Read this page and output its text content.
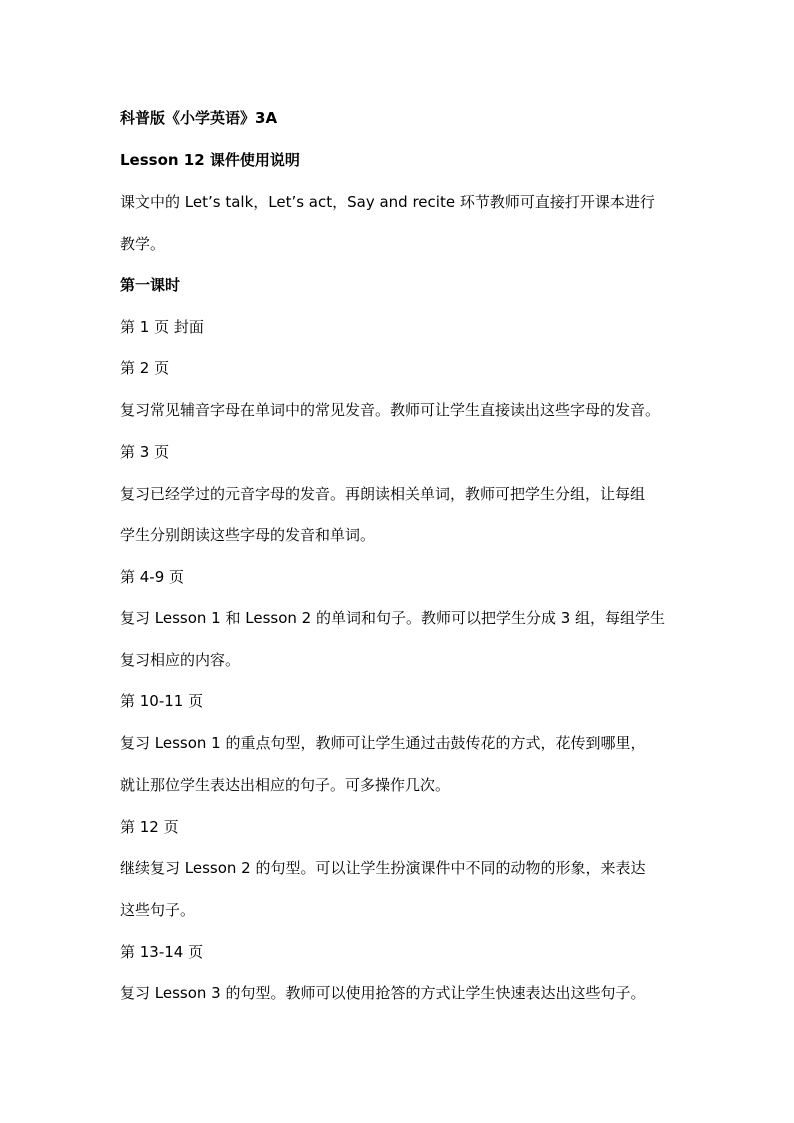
科普版《小学英语》3A
Lesson 12 课件使用说明
课文中的 Let’s talk，Let’s act，Say and recite 环节教师可直接打开课本进行
教学。
第一课时
第 1 页 封面
第 2 页
复习常见辅音字母在单词中的常见发音。教师可让学生直接读出这些字母的发音。
第 3 页
复习已经学过的元音字母的发音。再朗读相关单词，教师可把学生分组，让每组
学生分别朗读这些字母的发音和单词。
第 4-9 页
复习 Lesson 1 和 Lesson 2 的单词和句子。教师可以把学生分成 3 组，每组学生
复习相应的内容。
第 10-11 页
复习 Lesson 1 的重点句型，教师可让学生通过击鼓传花的方式，花传到哪里，
就让那位学生表达出相应的句子。可多操作几次。
第 12 页
继续复习 Lesson 2 的句型。可以让学生扮演课件中不同的动物的形象，来表达
这些句子。
第 13-14 页
复习 Lesson 3 的句型。教师可以使用抢答的方式让学生快速表达出这些句子。
